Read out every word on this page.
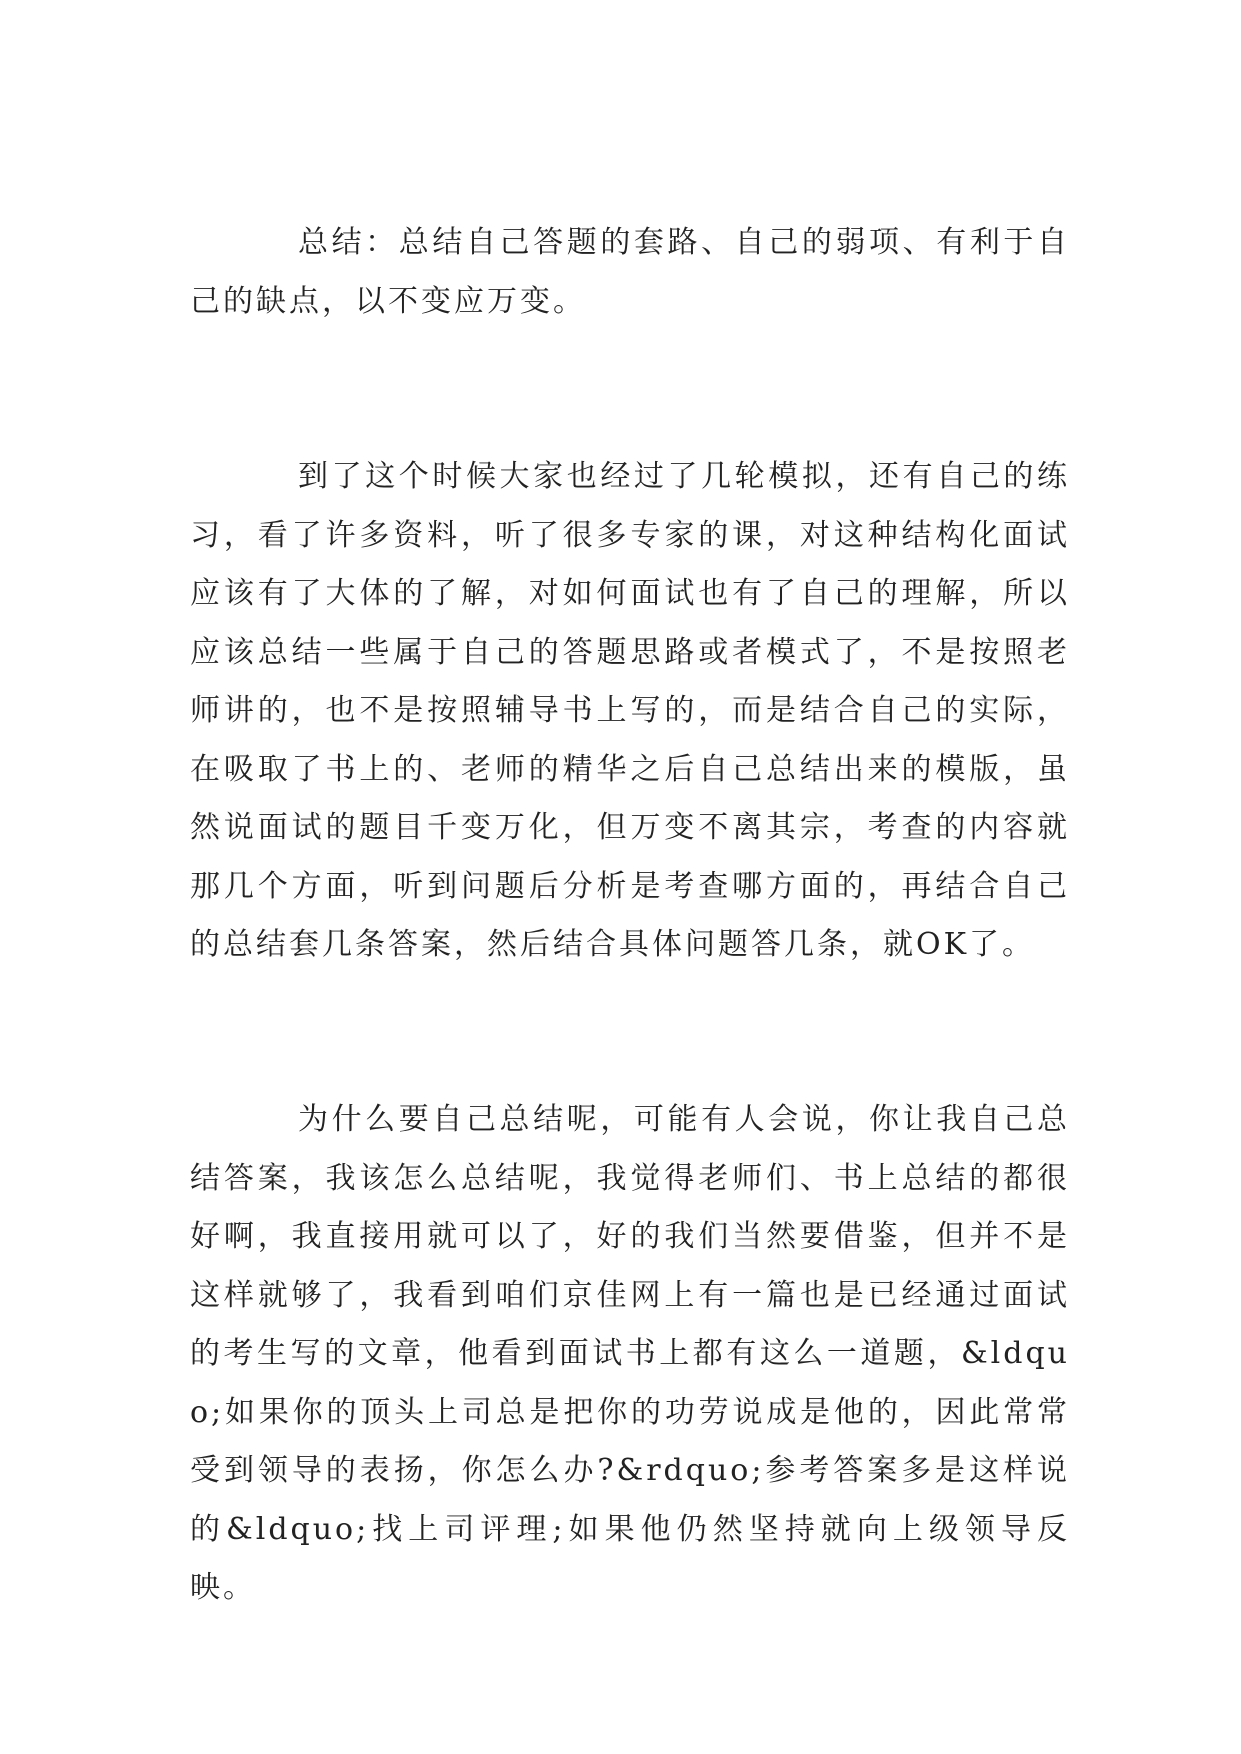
总结：总结自己答题的套路、自己的弱项、有利于自己的缺点，以不变应万变。

到了这个时候大家也经过了几轮模拟，还有自己的练习，看了许多资料，听了很多专家的课，对这种结构化面试应该有了大体的了解，对如何面试也有了自己的理解，所以应该总结一些属于自己的答题思路或者模式了，不是按照老师讲的，也不是按照辅导书上写的，而是结合自己的实际，在吸取了书上的、老师的精华之后自己总结出来的模版，虽然说面试的题目千变万化，但万变不离其宗，考查的内容就那几个方面，听到问题后分析是考查哪方面的，再结合自己的总结套几条答案，然后结合具体问题答几条，就OK了。

为什么要自己总结呢，可能有人会说，你让我自己总结答案，我该怎么总结呢，我觉得老师们、书上总结的都很好啊，我直接用就可以了，好的我们当然要借鉴，但并不是这样就够了，我看到咱们京佳网上有一篇也是已经通过面试的考生写的文章，他看到面试书上都有这么一道题，&ldquo;如果你的顶头上司总是把你的功劳说成是他的，因此常常受到领导的表扬，你怎么办?&rdquo;参考答案多是这样说的&ldquo;找上司评理;如果他仍然坚持就向上级领导反映。
